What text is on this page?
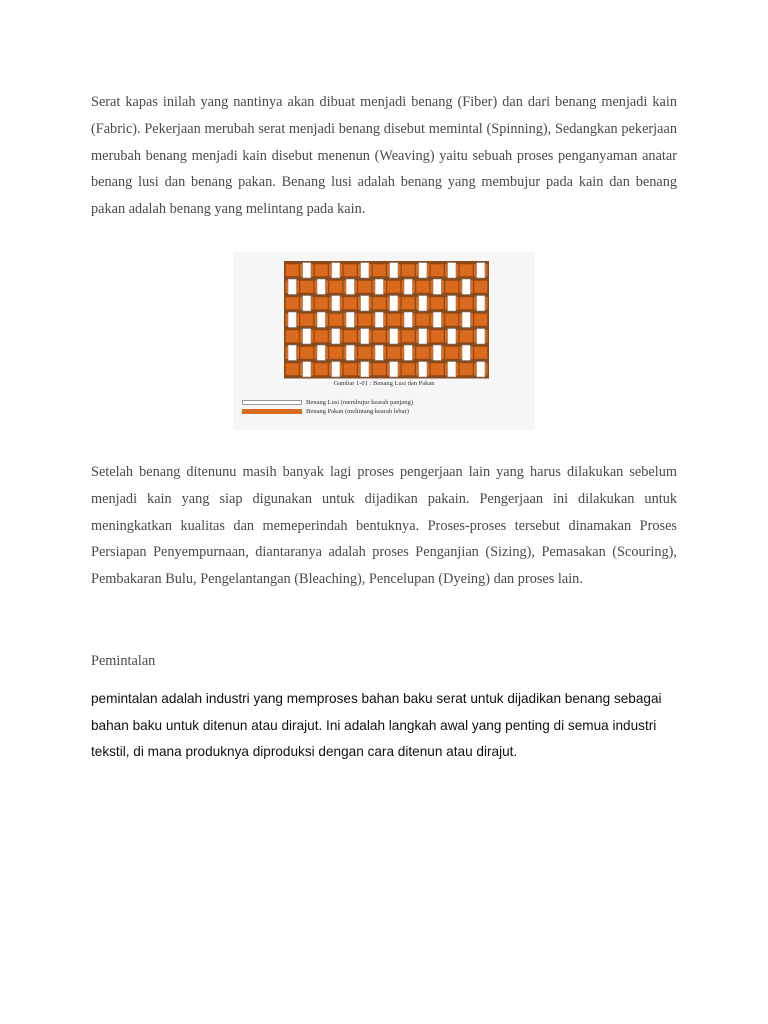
Serat kapas inilah yang nantinya akan dibuat menjadi benang (Fiber) dan dari benang menjadi kain (Fabric). Pekerjaan merubah serat menjadi benang disebut memintal (Spinning), Sedangkan pekerjaan merubah benang menjadi kain disebut menenun (Weaving) yaitu sebuah proses penganyaman anatar benang lusi dan benang pakan. Benang lusi adalah benang yang membujur pada kain dan benang pakan adalah benang yang melintang pada kain.

Gambar 1-01 : Benang Lusi dan Pakan
Benang Lusi (membujur kearah panjang)
Benang Pakan (melintang kearah lebar)

Setelah benang ditenunu masih banyak lagi proses pengerjaan lain yang harus dilakukan sebelum menjadi kain yang siap digunakan untuk dijadikan pakain. Pengerjaan ini dilakukan untuk meningkatkan kualitas dan memeperindah bentuknya. Proses-proses tersebut dinamakan Proses Persiapan Penyempurnaan, diantaranya adalah proses Penganjian (Sizing), Pemasakan (Scouring), Pembakaran Bulu, Pengelantangan (Bleaching), Pencelupan (Dyeing) dan proses lain.

Pemintalan

pemintalan adalah industri yang memproses bahan baku serat untuk dijadikan benang sebagai bahan baku untuk ditenun atau dirajut. Ini adalah langkah awal yang penting di semua industri tekstil, di mana produknya diproduksi dengan cara ditenun atau dirajut.
